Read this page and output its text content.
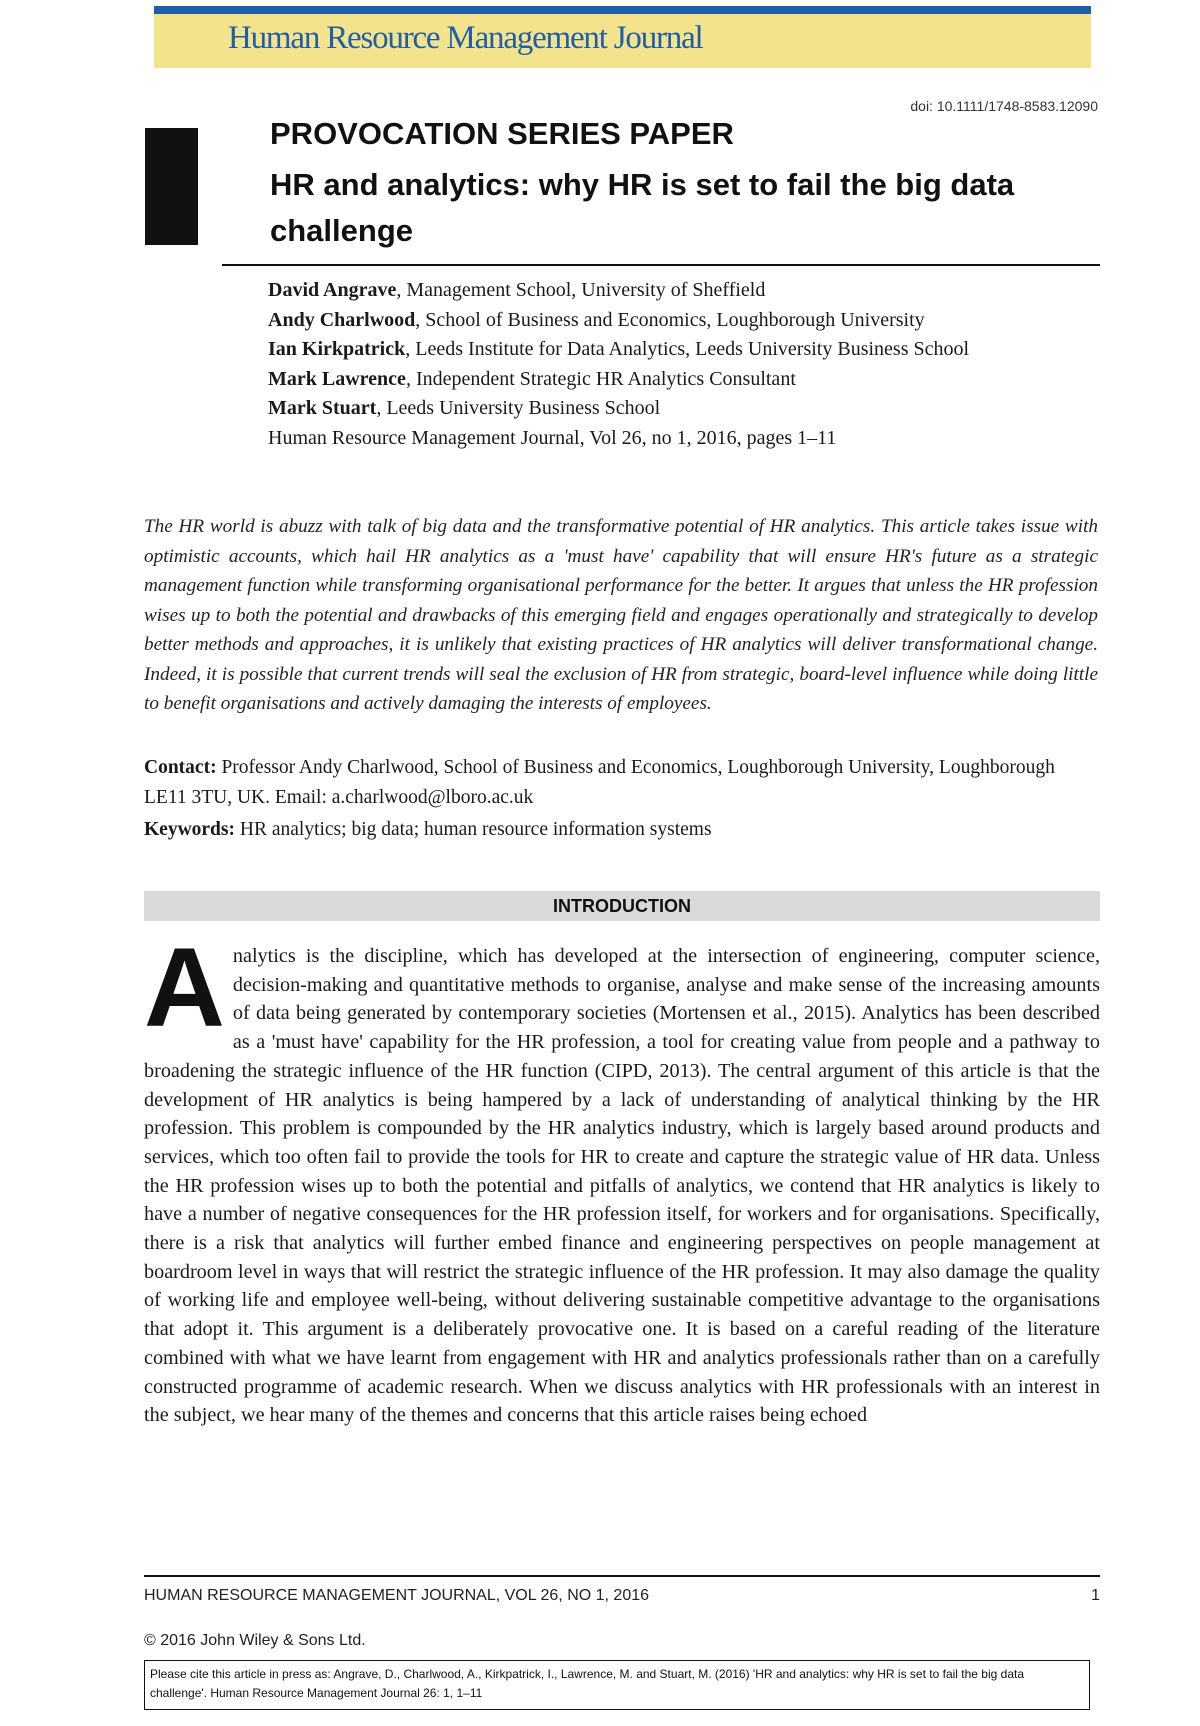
Human Resource Management Journal
doi: 10.1111/1748-8583.12090
PROVOCATION SERIES PAPER
HR and analytics: why HR is set to fail the big data challenge
David Angrave, Management School, University of Sheffield
Andy Charlwood, School of Business and Economics, Loughborough University
Ian Kirkpatrick, Leeds Institute for Data Analytics, Leeds University Business School
Mark Lawrence, Independent Strategic HR Analytics Consultant
Mark Stuart, Leeds University Business School
Human Resource Management Journal, Vol 26, no 1, 2016, pages 1–11
The HR world is abuzz with talk of big data and the transformative potential of HR analytics. This article takes issue with optimistic accounts, which hail HR analytics as a 'must have' capability that will ensure HR's future as a strategic management function while transforming organisational performance for the better. It argues that unless the HR profession wises up to both the potential and drawbacks of this emerging field and engages operationally and strategically to develop better methods and approaches, it is unlikely that existing practices of HR analytics will deliver transformational change. Indeed, it is possible that current trends will seal the exclusion of HR from strategic, board-level influence while doing little to benefit organisations and actively damaging the interests of employees.
Contact: Professor Andy Charlwood, School of Business and Economics, Loughborough University, Loughborough LE11 3TU, UK. Email: a.charlwood@lboro.ac.uk
Keywords: HR analytics; big data; human resource information systems
INTRODUCTION
Analytics is the discipline, which has developed at the intersection of engineering, computer science, decision-making and quantitative methods to organise, analyse and make sense of the increasing amounts of data being generated by contemporary societies (Mortensen et al., 2015). Analytics has been described as a 'must have' capability for the HR profession, a tool for creating value from people and a pathway to broadening the strategic influence of the HR function (CIPD, 2013). The central argument of this article is that the development of HR analytics is being hampered by a lack of understanding of analytical thinking by the HR profession. This problem is compounded by the HR analytics industry, which is largely based around products and services, which too often fail to provide the tools for HR to create and capture the strategic value of HR data. Unless the HR profession wises up to both the potential and pitfalls of analytics, we contend that HR analytics is likely to have a number of negative consequences for the HR profession itself, for workers and for organisations. Specifically, there is a risk that analytics will further embed finance and engineering perspectives on people management at boardroom level in ways that will restrict the strategic influence of the HR profession. It may also damage the quality of working life and employee well-being, without delivering sustainable competitive advantage to the organisations that adopt it. This argument is a deliberately provocative one. It is based on a careful reading of the literature combined with what we have learnt from engagement with HR and analytics professionals rather than on a carefully constructed programme of academic research. When we discuss analytics with HR professionals with an interest in the subject, we hear many of the themes and concerns that this article raises being echoed
HUMAN RESOURCE MANAGEMENT JOURNAL, VOL 26, NO 1, 2016	1
© 2016 John Wiley & Sons Ltd.
Please cite this article in press as: Angrave, D., Charlwood, A., Kirkpatrick, I., Lawrence, M. and Stuart, M. (2016) 'HR and analytics: why HR is set to fail the big data challenge'. Human Resource Management Journal 26: 1, 1–11
